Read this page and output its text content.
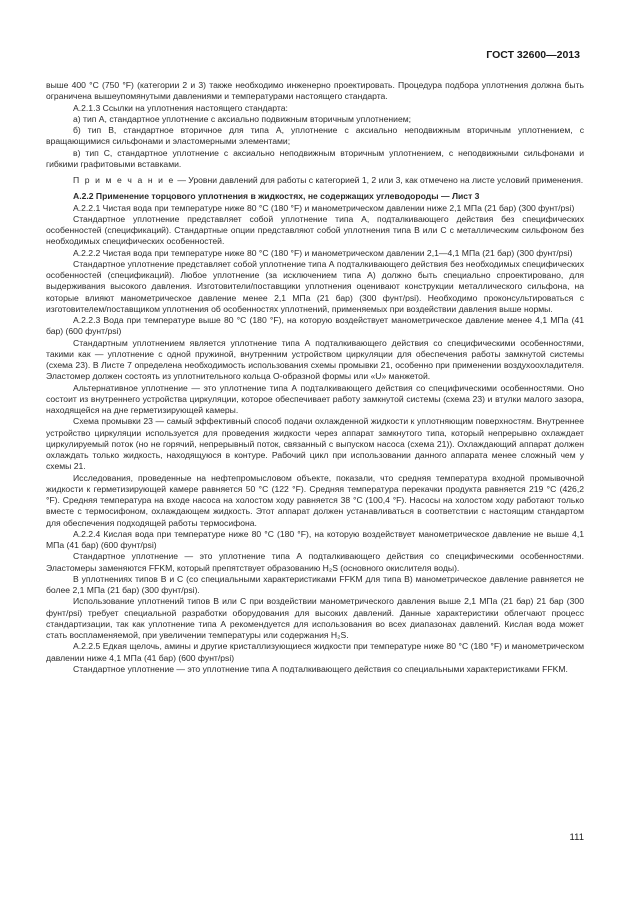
ГОСТ 32600—2013

выше 400 °С (750 °F) (категории 2 и 3) также необходимо инженерно проектировать. Процедура подбора уплотнения должна быть ограничена вышеупомянутыми давлениями и температурами настоящего стандарта.

A.2.1.3 Ссылки на уплотнения настоящего стандарта:

а) тип А, стандартное уплотнение с аксиально подвижным вторичным уплотнением;

б) тип В, стандартное вторичное для типа А, уплотнение с аксиально неподвижным вторичным уплотнением, с вращающимися сильфонами и эластомерными элементами;

в) тип С, стандартное уплотнение с аксиально неподвижным вторичным уплотнением, с неподвижными сильфонами и гибкими графитовыми вставками.

П р и м е ч а н и е — Уровни давлений для работы с категорией 1, 2 или 3, как отмечено на листе условий применения.

А.2.2 Применение торцового уплотнения в жидкостях, не содержащих углеводороды — Лист 3

А.2.2.1 Чистая вода при температуре ниже 80 °С (180 °F) и манометрическом давлении ниже 2,1 МПа (21 бар) (300 фунт/psi)

Стандартное уплотнение представляет собой уплотнение типа А, подталкивающего действия без специфических особенностей (спецификаций). Стандартные опции представляют собой уплотнения типа В или С с металлическим сильфоном без необходимых специфических особенностей.

А.2.2.2 Чистая вода при температуре ниже 80 °С (180 °F) и манометрическом давлении 2,1—4,1 МПа (21 бар) (300 фунт/psi)

Стандартное уплотнение представляет собой уплотнение типа А подталкивающего действия без необходимых специфических особенностей (спецификаций). Любое уплотнение (за исключением типа А) должно быть специально спроектировано, для выдерживания высокого давления. Изготовители/поставщики уплотнения оценивают конструкции металлического сильфона, на которые влияют манометрическое давление менее 2,1 МПа (21 бар) (300 фунт/psi). Необходимо проконсультироваться с изготовителем/поставщиком уплотнения об особенностях уплотнений, применяемых при воздействии давления выше нормы.

А.2.2.3 Вода при температуре выше 80 °С (180 °F), на которую воздействует манометрическое давление менее 4,1 МПа (41 бар) (600 фунт/psi)

Стандартным уплотнением является уплотнение типа А подталкивающего действия со специфическими особенностями, такими как — уплотнение с одной пружиной, внутренним устройством циркуляции для обеспечения работы замкнутой системы (схема 23). В Листе 7 определена необходимость использования схемы промывки 21, особенно при применении воздухоохладителя. Эластомер должен состоять из уплотнительного кольца О-образной формы или «U» манжетой.

Альтернативное уплотнение — это уплотнение типа А подталкивающего действия со специфическими особенностями. Оно состоит из внутреннего устройства циркуляции, которое обеспечивает работу замкнутой системы (схема 23) и втулки малого зазора, находящейся на дне герметизирующей камеры.

Схема промывки 23 — самый эффективный способ подачи охлажденной жидкости к уплотняющим поверхностям. Внутреннее устройство циркуляции используется для проведения жидкости через аппарат замкнутого типа, который непрерывно охлаждает циркулируемый поток (но не горячий, непрерывный поток, связанный с выпуском насоса (схема 21)). Охлаждающий аппарат должен охлаждать только жидкость, находящуюся в контуре. Рабочий цикл при использовании данного аппарата менее сложный чем у схемы 21.

Исследования, проведенные на нефтепромысловом объекте, показали, что средняя температура входной промывочной жидкости к герметизирующей камере равняется 50 °С (122 °F). Средняя температура перекачки продукта равняется 219 °С (426,2 °F). Средняя температура на входе насоса на холостом ходу равняется 38 °С (100,4 °F). Насосы на холостом ходу работают только вместе с термосифоном, охлаждающем жидкость. Этот аппарат должен устанавливаться в соответствии с настоящим стандартом для обеспечения подходящей работы термосифона.

А.2.2.4 Кислая вода при температуре ниже 80 °С (180 °F), на которую воздействует манометрическое давление не выше 4,1 МПа (41 бар) (600 фунт/psi)

Стандартное уплотнение — это уплотнение типа А подталкивающего действия со специфическими особенностями. Эластомеры заменяются FFKM, который препятствует образованию H₂S (основного окислителя воды).

В уплотнениях типов В и С (со специальными характеристиками FFKM для типа В) манометрическое давление равняется не более 2,1 МПа (21 бар) (300 фунт/psi).

Использование уплотнений типов В или С при воздействии манометрического давления выше 2,1 МПа (21 бар) 21 бар (300 фунт/psi) требует специальной разработки оборудования для высоких давлений. Данные характеристики облегчают процесс стандартизации, так как уплотнение типа А рекомендуется для использования во всех диапазонах давлений. Кислая вода может стать воспламеняемой, при увеличении температуры или содержания H₂S.

А.2.2.5 Едкая щелочь, амины и другие кристаллизующиеся жидкости при температуре ниже 80 °С (180 °F) и манометрическом давлении ниже 4,1 МПа (41 бар) (600 фунт/psi)

Стандартное уплотнение — это уплотнение типа А подталкивающего действия со специальными характеристиками FFKM.

111
